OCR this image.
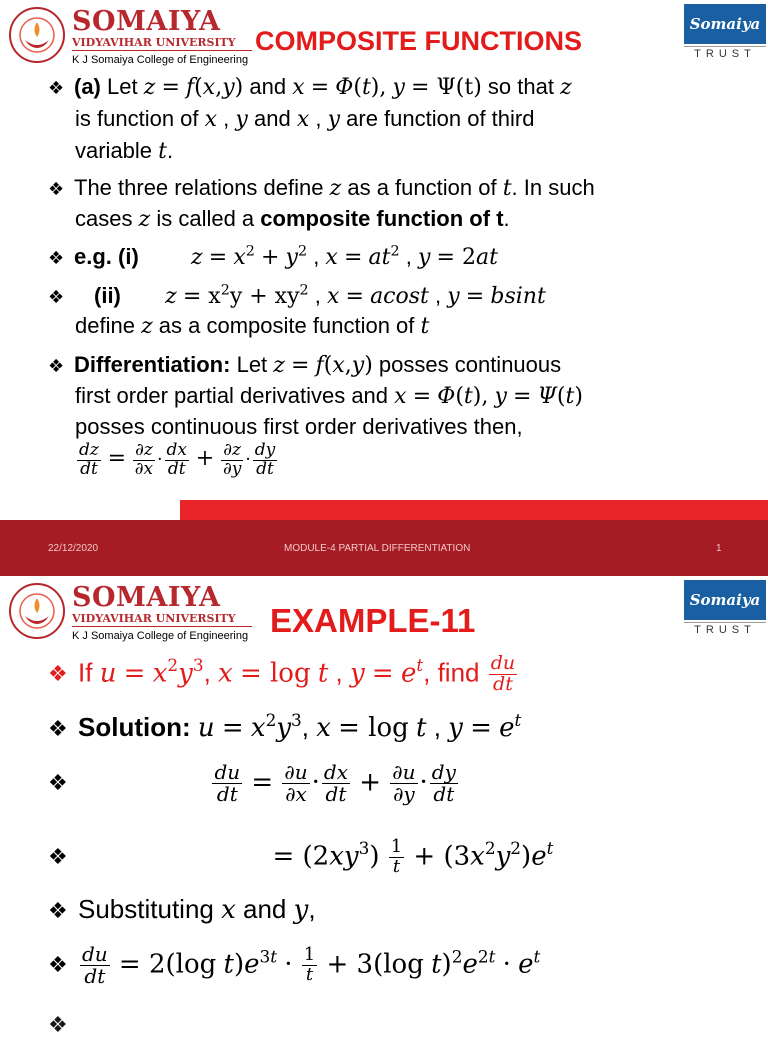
SOMAIYA
VIDYAVIHAR UNIVERSITY
K J Somaiya College of Engineering
Somaiya
TRUST
COMPOSITE FUNCTIONS
❖ (a) Let z = f(x,y) and x = Φ(t), y = Ψ(t) so that z
is function of x , y and x , y are function of third
variable t.
❖ The three relations define z as a function of t. In such
cases z is called a composite function of t.
❖ e.g. (i) $z = x^2 + y^2$ , $x = at^2$ , y = 2at
❖ (ii) $z = x^2y + xy^2$ , x = acost , y = bsint
define z as a composite function of t
❖ Differentiation: Let z = f(x,y) posses continuous
first order partial derivatives and x = Φ(t), y = Ψ(t)
posses continuous first order derivatives then,
$\frac{dz}{dt} = \frac{\partial z}{\partial x} \cdot \frac{dx}{dt} + \frac{\partial z}{\partial y} \cdot \frac{dy}{dt}$
22/12/2020	MODULE-4 PARTIAL DIFFERENTIATION	1
SOMAIYA
VIDYAVIHAR UNIVERSITY
K J Somaiya College of Engineering
Somaiya
TRUST
EXAMPLE-11
❖ If $u = x^2y^3$, x = log t , $y = e^t$, find $\frac{du}{dt}$
❖ Solution: $u = x^2y^3$, x = log t , $y = e^t$
❖	$\frac{du}{dt} = \frac{\partial u}{\partial x} \cdot \frac{dx}{dt} + \frac{\partial u}{\partial y} \cdot \frac{dy}{dt}$
❖	= $(2xy^3) \frac{1}{t} + (3x^2y^2)e^t$
❖ Substituting x and y,
❖ $\frac{du}{dt} = 2(\log$ $t)e^{3t} \cdot \frac{1}{t} + 3(\log$ $t)^2e^{2t} \cdot e^t$
❖
